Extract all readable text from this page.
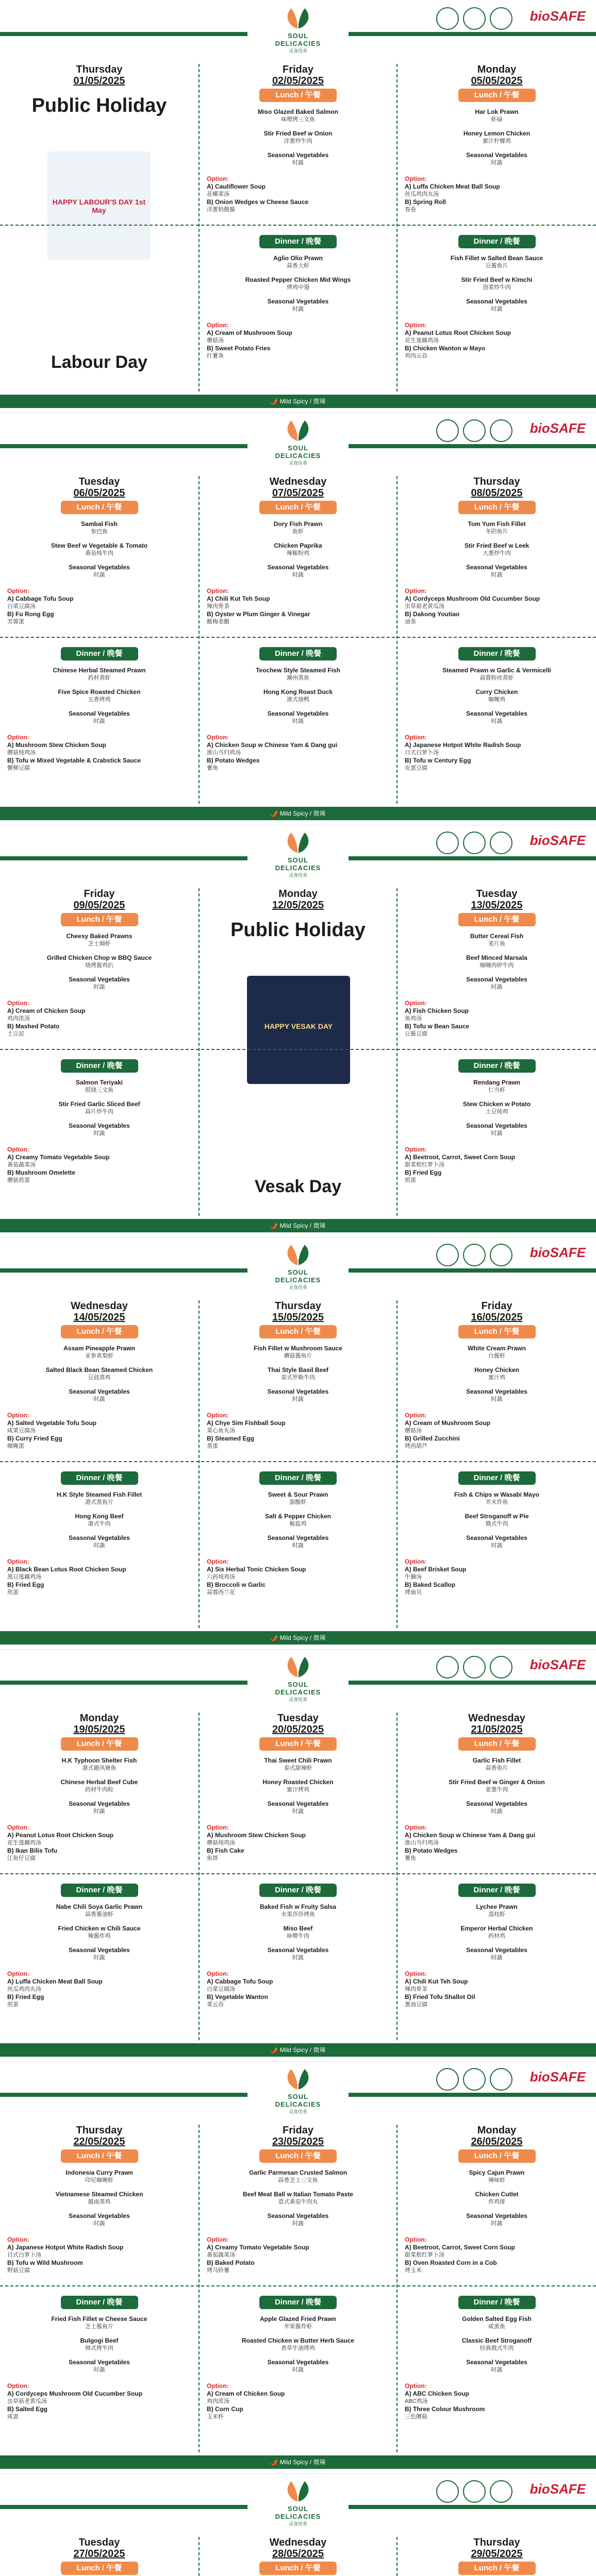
SOUL DELICACIES
灵食佳肴
bioSAFE
Thursday
01/05/2025
Public Holiday
HAPPY LABOUR'S DAY 1st May
Labour Day
Friday
02/05/2025
Lunch / 午餐
Miso Glazed Baked Salmon
味噌烤三文鱼
Stir Fried Beef w Onion
洋葱炒牛肉
Seasonal Vegetables
时蔬
Option:
A) Cauliflower Soup
花椰菜汤
B) Onion Wedges w Cheese Sauce
洋葱奶酪酱
Dinner / 晚餐
Aglio Olio Prawn
蒜香大虾
Roasted Pepper Chicken Mid Wings
烤鸡中翅
Seasonal Vegetables
时蔬
Option:
A) Cream of Mushroom Soup
蘑菇汤
B) Sweet Potato Fries
红薯条
Monday
05/05/2025
Lunch / 午餐
Har Lok Prawn
虾碌
Honey Lemon Chicken
蜜汁柠檬鸡
Seasonal Vegetables
时蔬
Option:
A) Luffa Chicken Meat Ball Soup
丝瓜鸡肉丸汤
B) Spring Roll
春卷
Dinner / 晚餐
Fish Fillet w Salted Bean Sauce
豆酱鱼片
Stir Fried Beef w Kimchi
泡菜炒牛肉
Seasonal Vegetables
时蔬
Option:
A) Peanut Lotus Root Chicken Soup
花生莲藕鸡汤
B) Chicken Wanton w Mayo
鸡肉云吞
🌶️ Mild Spicy / 微辣
SOUL DELICACIES
灵食佳肴
bioSAFE
Tuesday
06/05/2025
Lunch / 午餐
Sambal Fish
参巴鱼
Stew Beef w Vegetable & Tomato
番茄炖牛肉
Seasonal Vegetables
时蔬
Option:
A) Cabbage Tofu Soup
白菜豆腐汤
B) Fu Rong Egg
芙蓉蛋
Dinner / 晚餐
Chinese Herbal Steamed Prawn
药材蒸虾
Five Spice Roasted Chicken
五香烤鸡
Seasonal Vegetables
时蔬
Option:
A) Mushroom Stew Chicken Soup
蘑菇炖鸡汤
B) Tofu w Mixed Vegetable & Crabstick Sauce
蟹柳豆腐
Wednesday
07/05/2025
Lunch / 午餐
Dory Fish Prawn
鱼虾
Chicken Paprika
辣椒粉鸡
Seasonal Vegetables
时蔬
Option:
A) Chili Kut Teh Soup
辣肉骨茶
B) Oyster w Plum Ginger & Vinegar
酸梅姜醋
Dinner / 晚餐
Teochew Style Steamed Fish
潮州蒸鱼
Hong Kong Roast Duck
港式烧鸭
Seasonal Vegetables
时蔬
Option:
A) Chicken Soup w Chinese Yam & Dang gui
淮山当归鸡汤
B) Potato Wedges
薯角
Thursday
08/05/2025
Lunch / 午餐
Tom Yum Fish Fillet
冬阴鱼片
Stir Fried Beef w Leek
大葱炒牛肉
Seasonal Vegetables
时蔬
Option:
A) Cordyceps Mushroom Old Cucumber Soup
虫草菇老黄瓜汤
B) Dakong Youtiao
油条
Dinner / 晚餐
Steamed Prawn w Garlic & Vermicelli
蒜蓉粉丝蒸虾
Curry Chicken
咖喱鸡
Seasonal Vegetables
时蔬
Option:
A) Japanese Hotpot White Radish Soup
日式白萝卜汤
B) Tofu w Century Egg
皮蛋豆腐
🌶️ Mild Spicy / 微辣
SOUL DELICACIES
灵食佳肴
bioSAFE
Friday
09/05/2025
Lunch / 午餐
Cheesy Baked Prawns
芝士焗虾
Grilled Chicken Chop w BBQ Sauce
烧烤酱鸡扒
Seasonal Vegetables
时蔬
Option:
A) Cream of Chicken Soup
鸡肉浓汤
B) Mashed Potato
土豆泥
Dinner / 晚餐
Salmon Teriyaki
照烧三文鱼
Stir Fried Garlic Sliced Beef
蒜片炒牛肉
Seasonal Vegetables
时蔬
Option:
A) Creamy Tomato Vegetable Soup
番茄蔬菜汤
B) Mushroom Omelette
蘑菇煎蛋
Monday
12/05/2025
Public Holiday
HAPPY VESAK DAY
Vesak Day
Tuesday
13/05/2025
Lunch / 午餐
Butter Cereal Fish
麦片鱼
Beef Minced Marsala
咖喱肉碎牛肉
Seasonal Vegetables
时蔬
Option:
A) Fish Chicken Soup
鱼鸡汤
B) Tofu w Bean Sauce
豆酱豆腐
Dinner / 晚餐
Rendang Prawn
仁当虾
Stew Chicken w Potato
土豆炖鸡
Seasonal Vegetables
时蔬
Option:
A) Beetroot, Carrot, Sweet Corn Soup
甜菜根红萝卜汤
B) Fried Egg
煎蛋
🌶️ Mild Spicy / 微辣
SOUL DELICACIES
灵食佳肴
bioSAFE
Wednesday
14/05/2025
Lunch / 午餐
Assam Pineapple Prawn
亚参黄梨虾
Salted Black Bean Steamed Chicken
豆豉蒸鸡
Seasonal Vegetables
时蔬
Option:
A) Salted Vegetable Tofu Soup
咸菜豆腐汤
B) Curry Fried Egg
咖喱蛋
Dinner / 晚餐
H.K Style Steamed Fish Fillet
港式蒸鱼片
Hong Kong Beef
港式牛肉
Seasonal Vegetables
时蔬
Option:
A) Black Bean Lotus Root Chicken Soup
黑豆莲藕鸡汤
B) Fried Egg
煎蛋
Thursday
15/05/2025
Lunch / 午餐
Fish Fillet w Mushroom Sauce
蘑菇酱鱼片
Thai Style Basil Beef
泰式罗勒牛肉
Seasonal Vegetables
时蔬
Option:
A) Chye Sim Fishball Soup
菜心鱼丸汤
B) Steamed Egg
蒸蛋
Dinner / 晚餐
Sweet & Sour Prawn
甜酸虾
Salt & Pepper Chicken
椒盐鸡
Seasonal Vegetables
时蔬
Option:
A) Six Herbal Tonic Chicken Soup
六药炖鸡汤
B) Broccoli w Garlic
蒜蓉西兰花
Friday
16/05/2025
Lunch / 午餐
White Cream Prawn
白酱虾
Honey Chicken
蜜汁鸡
Seasonal Vegetables
时蔬
Option:
A) Cream of Mushroom Soup
蘑菇汤
B) Grilled Zucchini
烤西葫芦
Dinner / 晚餐
Fish & Chips w Wasabi Mayo
芥末炸鱼
Beef Stroganoff w Pie
俄式牛肉
Seasonal Vegetables
时蔬
Option:
A) Beef Brisket Soup
牛腩汤
B) Baked Scallop
烤扇贝
🌶️ Mild Spicy / 微辣
SOUL DELICACIES
灵食佳肴
bioSAFE
Monday
19/05/2025
Lunch / 午餐
H.K Typhoon Shelter Fish
港式避风塘鱼
Chinese Herbal Beef Cube
药材牛肉粒
Seasonal Vegetables
时蔬
Option:
A) Peanut Lotus Root Chicken Soup
花生莲藕鸡汤
B) Ikan Bilis Tofu
江鱼仔豆腐
Dinner / 晚餐
Nabe Chili Soya Garlic Prawn
蒜香酱油虾
Fried Chicken w Chili Sauce
辣酱炸鸡
Seasonal Vegetables
时蔬
Option:
A) Luffa Chicken Meat Ball Soup
丝瓜鸡肉丸汤
B) Fried Egg
煎蛋
Tuesday
20/05/2025
Lunch / 午餐
Thai Sweet Chili Prawn
泰式甜辣虾
Honey Roasted Chicken
蜜汁烤鸡
Seasonal Vegetables
时蔬
Option:
A) Mushroom Stew Chicken Soup
蘑菇炖鸡汤
B) Fish Cake
鱼饼
Dinner / 晚餐
Baked Fish w Fruity Salsa
水果莎莎烤鱼
Miso Beef
味噌牛肉
Seasonal Vegetables
时蔬
Option:
A) Cabbage Tofu Soup
白菜豆腐汤
B) Vegetable Wanton
菜云吞
Wednesday
21/05/2025
Lunch / 午餐
Garlic Fish Fillet
蒜香鱼片
Stir Fried Beef w Ginger & Onion
姜葱牛肉
Seasonal Vegetables
时蔬
Option:
A) Chicken Soup w Chinese Yam & Dang gui
淮山当归鸡汤
B) Potato Wedges
薯角
Dinner / 晚餐
Lychee Prawn
荔枝虾
Emperor Herbal Chicken
药材鸡
Seasonal Vegetables
时蔬
Option:
A) Chili Kut Teh Soup
辣肉骨茶
B) Fried Tofu Shallot Oil
葱油豆腐
🌶️ Mild Spicy / 微辣
SOUL DELICACIES
灵食佳肴
bioSAFE
Thursday
22/05/2025
Lunch / 午餐
Indonesia Curry Prawn
印尼咖喱虾
Vietnamese Steamed Chicken
越南蒸鸡
Seasonal Vegetables
时蔬
Option:
A) Japanese Hotpot White Radish Soup
日式白萝卜汤
B) Tofu w Wild Mushroom
野菇豆腐
Dinner / 晚餐
Fried Fish Fillet w Cheese Sauce
芝士酱鱼片
Bulgogi Beef
韩式烤牛肉
Seasonal Vegetables
时蔬
Option:
A) Cordyceps Mushroom Old Cucumber Soup
虫草菇老黄瓜汤
B) Salted Egg
咸蛋
Friday
23/05/2025
Lunch / 午餐
Garlic Parmesan Crusted Salmon
蒜香芝士三文鱼
Beef Meat Ball w Italian Tomato Paste
意式番茄牛肉丸
Seasonal Vegetables
时蔬
Option:
A) Creamy Tomato Vegetable Soup
番茄蔬菜汤
B) Baked Potato
烤马铃薯
Dinner / 晚餐
Apple Glazed Fried Prawn
苹果酱炸虾
Roasted Chicken w Butter Herb Sauce
香草牛油烤鸡
Seasonal Vegetables
时蔬
Option:
A) Cream of Chicken Soup
鸡肉浓汤
B) Corn Cup
玉米杯
Monday
26/05/2025
Lunch / 午餐
Spicy Cajun Prawn
辣味虾
Chicken Cutlet
炸鸡排
Seasonal Vegetables
时蔬
Option:
A) Beetroot, Carrot, Sweet Corn Soup
甜菜根红萝卜汤
B) Oven Roasted Corn in a Cob
烤玉米
Dinner / 晚餐
Golden Salted Egg Fish
咸蛋鱼
Classic Beef Stroganoff
经典俄式牛肉
Seasonal Vegetables
时蔬
Option:
A) ABC Chicken Soup
ABC鸡汤
B) Three Colour Mushroom
三色蘑菇
🌶️ Mild Spicy / 微辣
SOUL DELICACIES
灵食佳肴
bioSAFE
Tuesday
27/05/2025
Lunch / 午餐
Wednesday
28/05/2025
Lunch / 午餐
Thursday
29/05/2025
Lunch / 午餐
